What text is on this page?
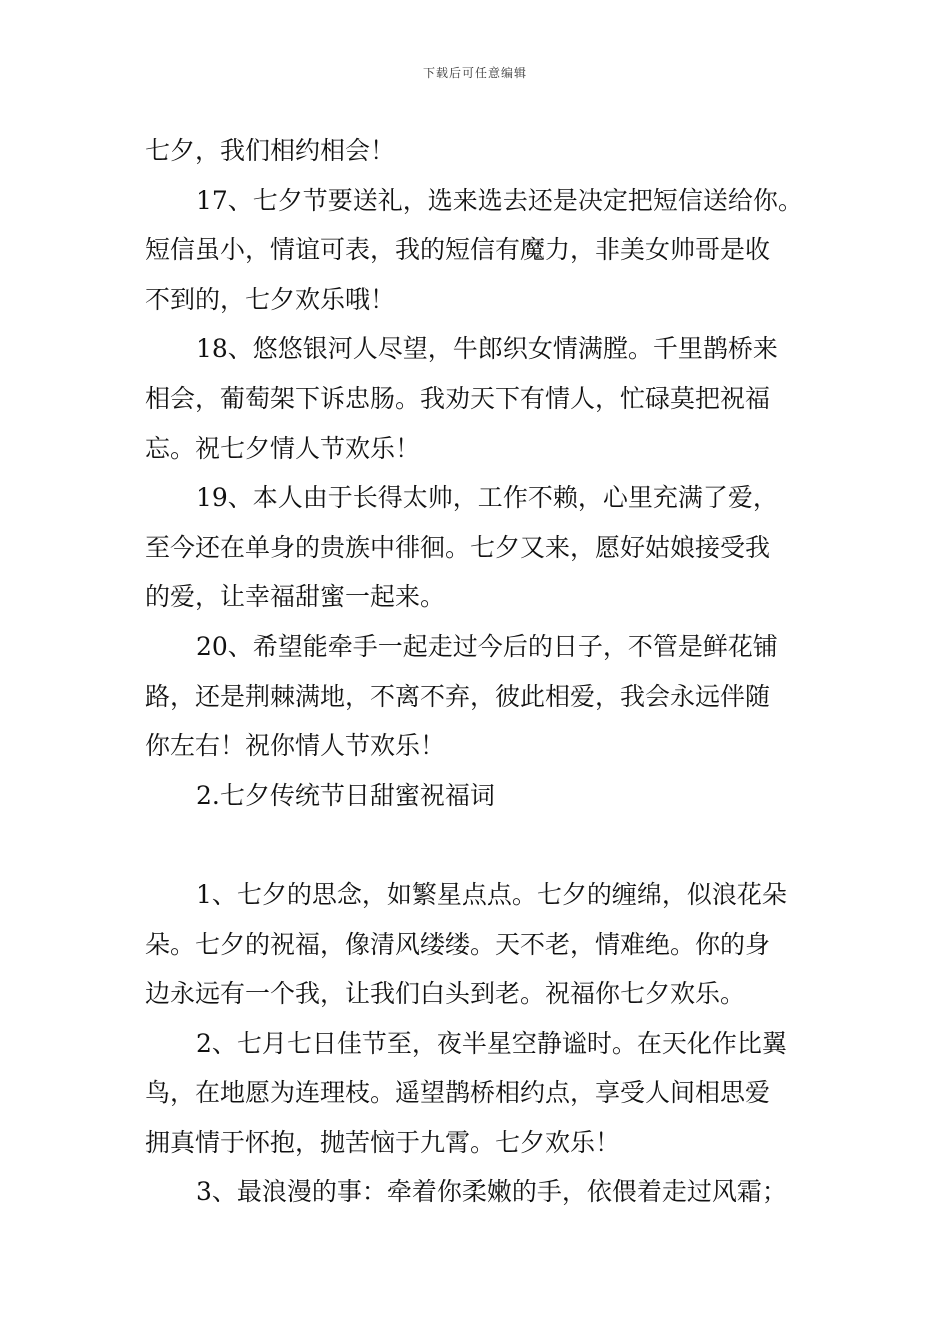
下载后可任意编辑
七夕，我们相约相会！
17、七夕节要送礼，选来选去还是决定把短信送给你。
短信虽小，情谊可表，我的短信有魔力，非美女帅哥是收
不到的，七夕欢乐哦！
18、悠悠银河人尽望，牛郎织女情满膛。千里鹊桥来
相会，葡萄架下诉忠肠。我劝天下有情人，忙碌莫把祝福
忘。祝七夕情人节欢乐！
19、本人由于长得太帅，工作不赖，心里充满了爱，
至今还在单身的贵族中徘徊。七夕又来，愿好姑娘接受我
的爱，让幸福甜蜜一起来。
20、希望能牵手一起走过今后的日子，不管是鲜花铺
路，还是荆棘满地，不离不弃，彼此相爱，我会永远伴随
你左右！祝你情人节欢乐！
2.七夕传统节日甜蜜祝福词
1、七夕的思念，如繁星点点。七夕的缠绵，似浪花朵
朵。七夕的祝福，像清风缕缕。天不老，情难绝。你的身
边永远有一个我，让我们白头到老。祝福你七夕欢乐。
2、七月七日佳节至，夜半星空静谧时。在天化作比翼
鸟，在地愿为连理枝。遥望鹊桥相约点，享受人间相思爱
拥真情于怀抱，抛苦恼于九霄。七夕欢乐！
3、最浪漫的事：牵着你柔嫩的手，依偎着走过风霜；
